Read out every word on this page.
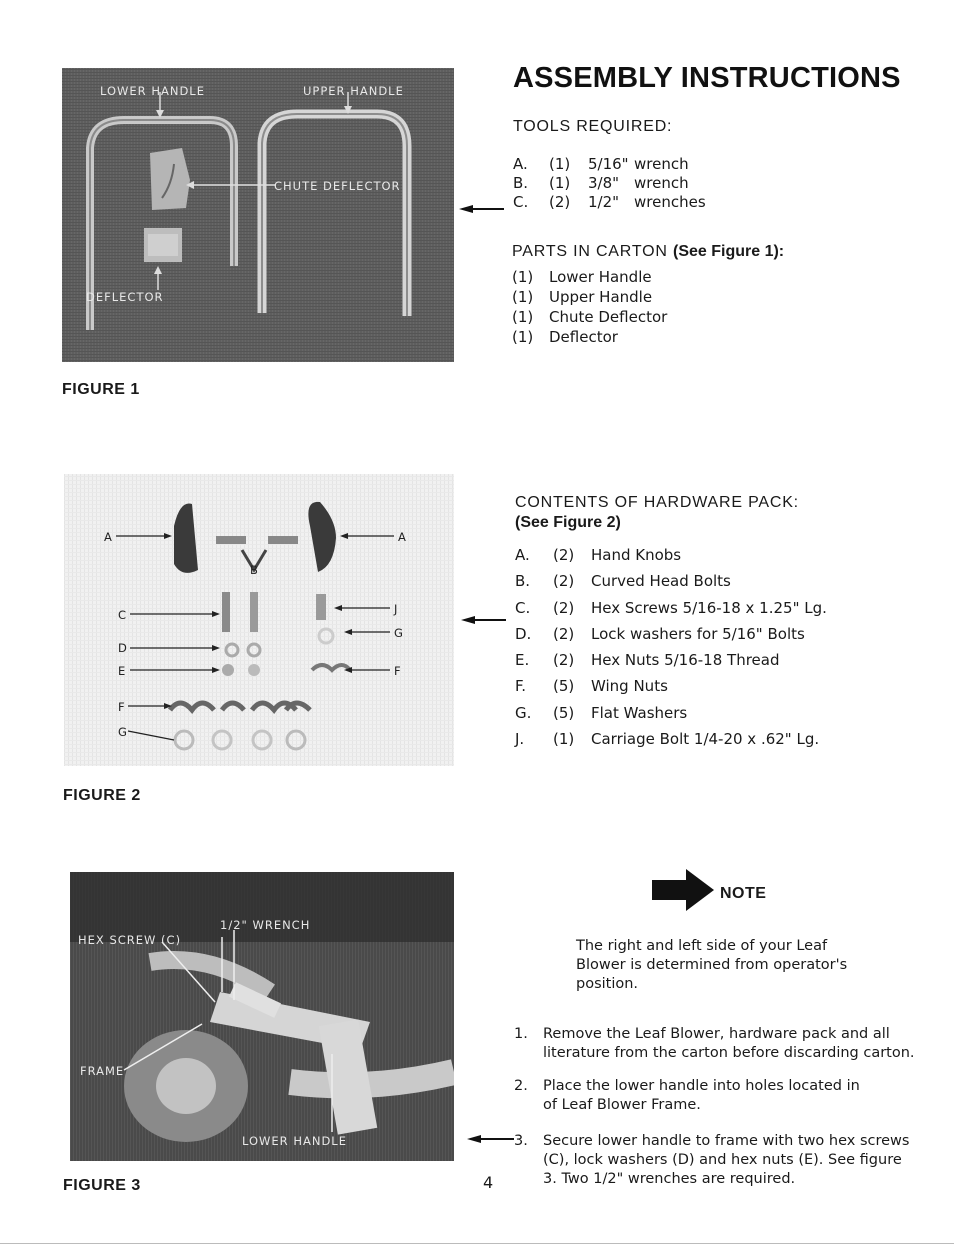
LOWER HANDLE	UPPER HANDLE
CHUTE DEFLECTOR
DEFLECTOR
FIGURE 1
ASSEMBLY INSTRUCTIONS
TOOLS REQUIRED:
A. (1) 5/16" wrench
B. (1) 3/8" wrench
C. (2) 1/2" wrenches
PARTS IN CARTON (See Figure 1):
(1) Lower Handle
(1) Upper Handle
(1) Chute Deflector
(1) Deflector
A	A
B
C	J
G
D
E	F
F
G
FIGURE 2
CONTENTS OF HARDWARE PACK:
(See Figure 2)
A. (2) Hand Knobs
B. (2) Curved Head Bolts
C. (2) Hex Screws 5/16-18 x 1.25" Lg.
D. (2) Lock washers for 5/16" Bolts
E. (2) Hex Nuts 5/16-18 Thread
F. (5) Wing Nuts
G. (5) Flat Washers
J. (1) Carriage Bolt 1/4-20 x .62" Lg.
HEX SCREW (C)
1/2" WRENCH
FRAME
LOWER HANDLE
FIGURE 3	4
NOTE
The right and left side of your Leaf
Blower is determined from operator's
position.
1. Remove the Leaf Blower, hardware pack and all
literature from the carton before discarding carton.
2. Place the lower handle into holes located in
of Leaf Blower Frame.
3. Secure lower handle to frame with two hex screws
(C), lock washers (D) and hex nuts (E). See figure
3. Two 1/2" wrenches are required.
